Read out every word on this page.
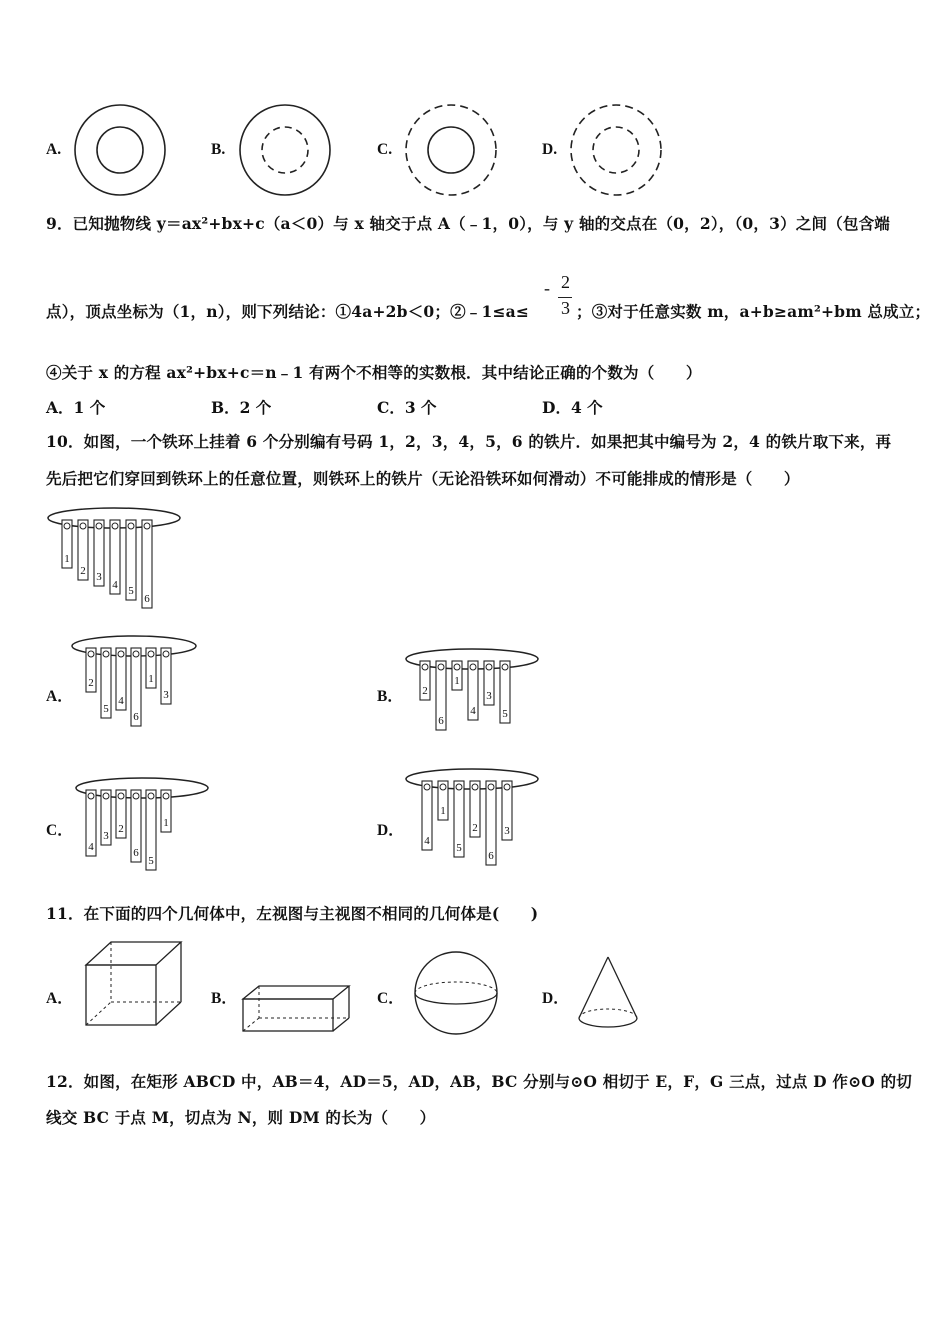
A.	B.	C.	D.
9．已知抛物线 y＝ax²+bx+c（a＜0）与 x 轴交于点 A（﹣1，0），与 y 轴的交点在（0，2），（0，3）之间（包含端
点），顶点坐标为（1，n），则下列结论：①4a+2b＜0；②﹣1≤a≤
- 2
3 ；③对于任意实数 m，a+b≥am²+bm 总成立；
④关于 x 的方程 ax²+bx+c＝n﹣1 有两个不相等的实数根．其中结论正确的个数为（　　）
A．1 个	B．2 个	C．3 个	D．4 个
10．如图，一个铁环上挂着 6 个分别编有号码 1，2，3，4，5，6 的铁片．如果把其中编号为 2，4 的铁片取下来，再
先后把它们穿回到铁环上的任意位置，则铁环上的铁片（无论沿铁环如何滑动）不可能排成的情形是（　　）
1
2 3
4 5
6
A．
2
5
4
6
1
3	B． 2
6
1
4
3
5
C．
4
3
2
6
5
1	D．
4
1
5
2
6
3
11．在下面的四个几何体中，左视图与主视图不相同的几何体是(　　)
A．	B．	C．	D．
12．如图，在矩形 ABCD 中，AB＝4，AD＝5，AD，AB，BC 分别与⊙O 相切于 E，F，G 三点，过点 D 作⊙O 的切
线交 BC 于点 M，切点为 N，则 DM 的长为（　　）
